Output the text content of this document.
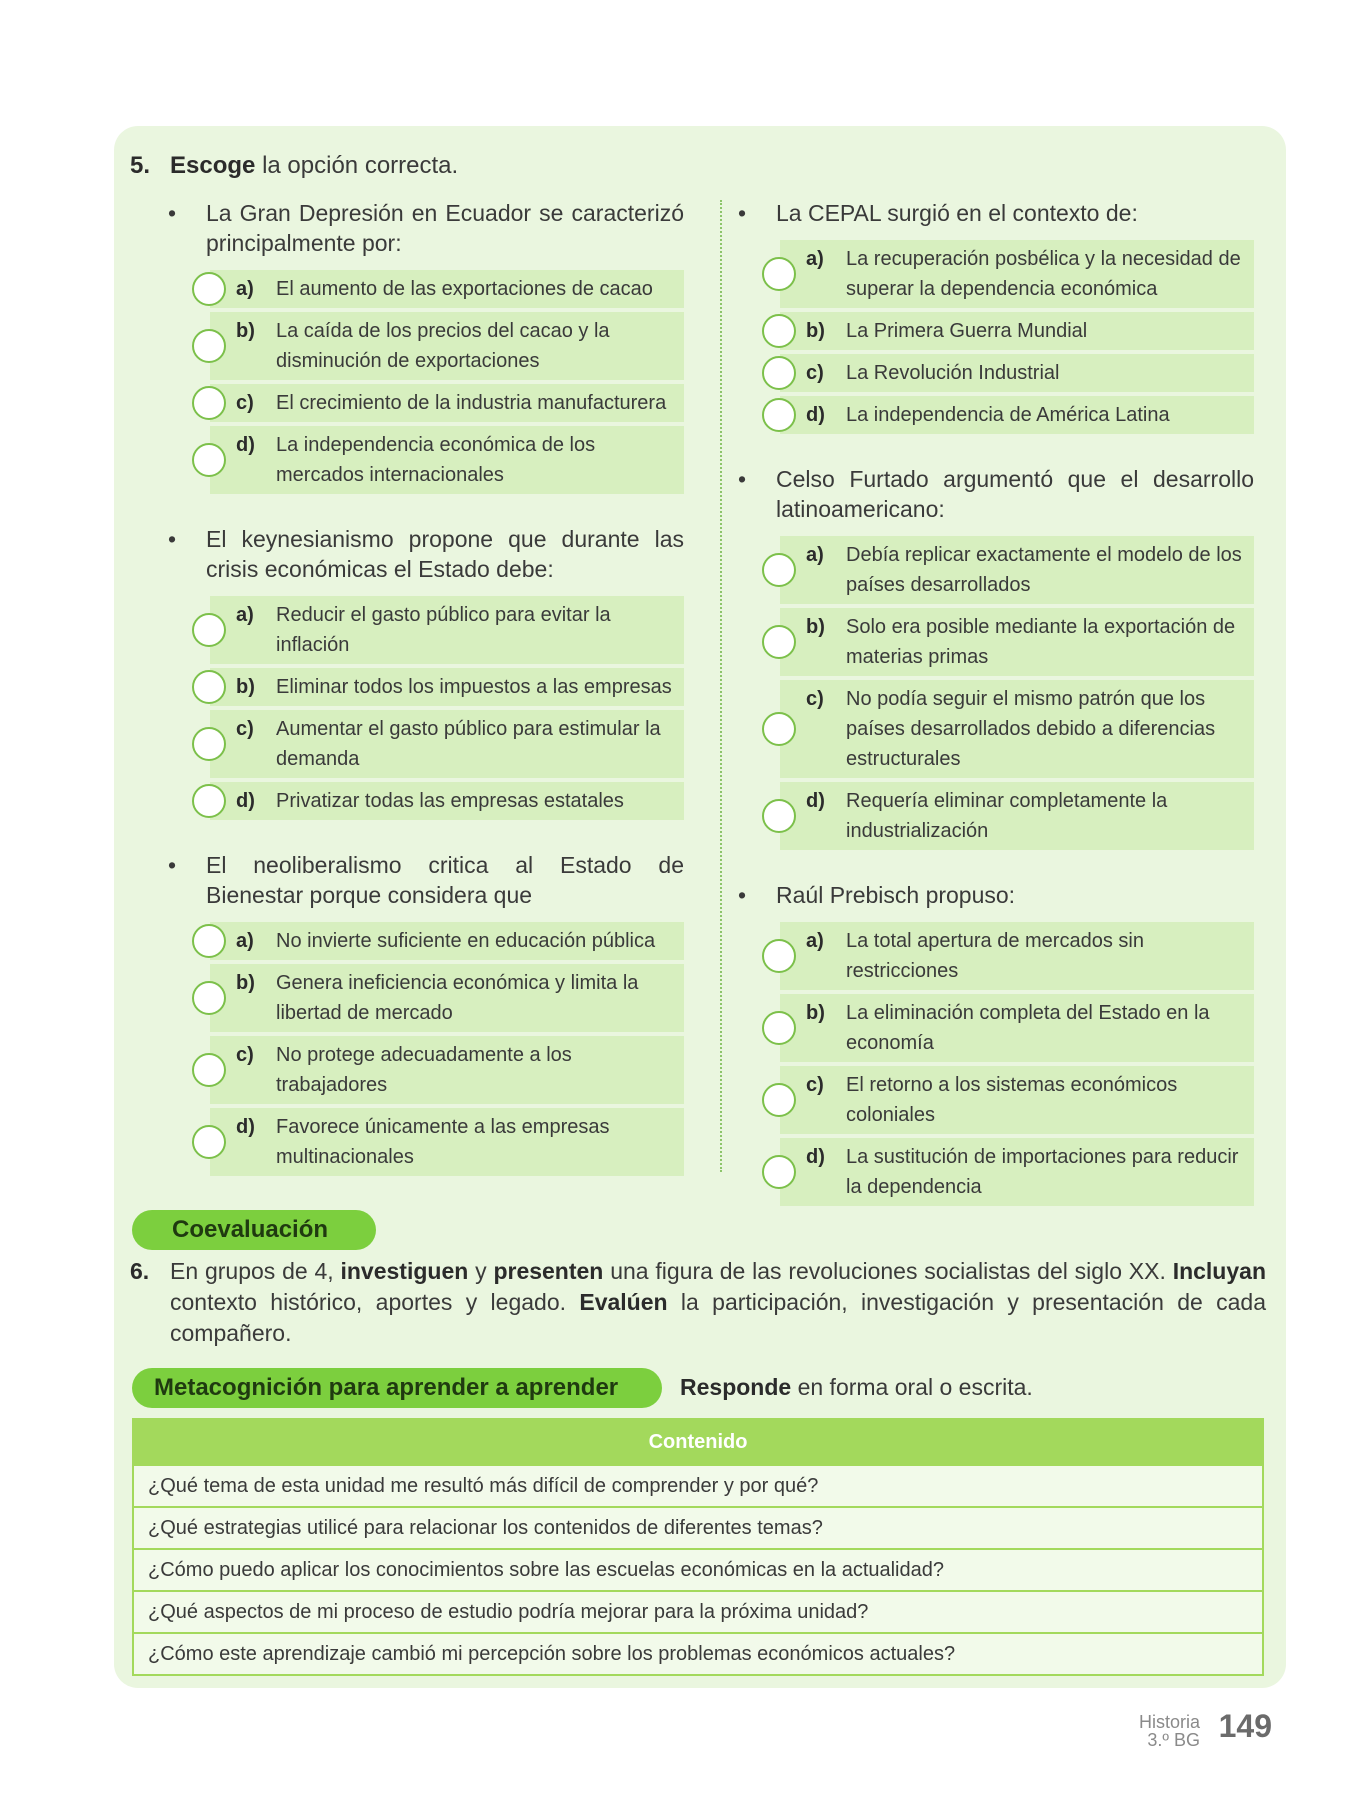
5. Escoge la opción correcta.
•	La Gran Depresión en Ecuador se caracterizó principalmente por:
a)	El aumento de las exportaciones de cacao
b)	La caída de los precios del cacao y la disminución de exportaciones
c)	El crecimiento de la industria manufacturera
d)	La independencia económica de los mercados internacionales
•	El keynesianismo propone que durante las crisis económicas el Estado debe:
a)	Reducir el gasto público para evitar la inflación
b)	Eliminar todos los impuestos a las empresas
c)	Aumentar el gasto público para estimular la demanda
d)	Privatizar todas las empresas estatales
•	El neoliberalismo critica al Estado de Bienestar porque considera que
a)	No invierte suficiente en educación pública
b)	Genera ineficiencia económica y limita la libertad de mercado
c)	No protege adecuadamente a los trabajadores
d)	Favorece únicamente a las empresas multinacionales
•	La CEPAL surgió en el contexto de:
a)	La recuperación posbélica y la necesidad de superar la dependencia económica
b)	La Primera Guerra Mundial
c)	La Revolución Industrial
d)	La independencia de América Latina
•	Celso Furtado argumentó que el desarrollo latinoamericano:
a)	Debía replicar exactamente el modelo de los países desarrollados
b)	Solo era posible mediante la exportación de materias primas
c)	No podía seguir el mismo patrón que los países desarrollados debido a diferencias estructurales
d)	Requería eliminar completamente la industrialización
•	Raúl Prebisch propuso:
a)	La total apertura de mercados sin restricciones
b)	La eliminación completa del Estado en la economía
c)	El retorno a los sistemas económicos coloniales
d)	La sustitución de importaciones para reducir la dependencia
Coevaluación
6. En grupos de 4, investiguen y presenten una figura de las revoluciones socialistas del siglo XX. Incluyan contexto histórico, aportes y legado. Evalúen la participación, investigación y presentación de cada compañero.
Metacognición para aprender a aprender	Responde en forma oral o escrita.
Contenido
¿Qué tema de esta unidad me resultó más difícil de comprender y por qué?
¿Qué estrategias utilicé para relacionar los contenidos de diferentes temas?
¿Cómo puedo aplicar los conocimientos sobre las escuelas económicas en la actualidad?
¿Qué aspectos de mi proceso de estudio podría mejorar para la próxima unidad?
¿Cómo este aprendizaje cambió mi percepción sobre los problemas económicos actuales?
Historia
3.º BG 149
